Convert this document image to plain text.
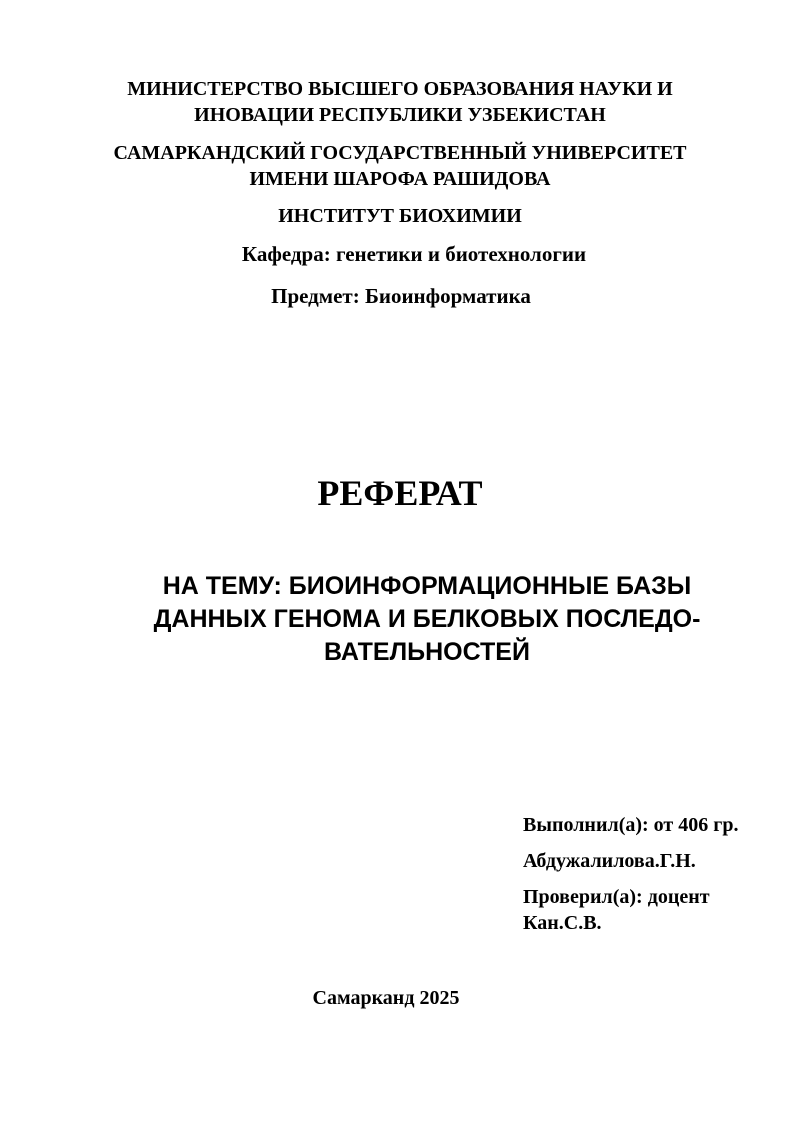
МИНИСТЕРСТВО ВЫСШЕГО ОБРАЗОВАНИЯ НАУКИ И
ИНОВАЦИИ РЕСПУБЛИКИ УЗБЕКИСТАН
САМАРКАНДСКИЙ ГОСУДАРСТВЕННЫЙ УНИВЕРСИТЕТ
ИМЕНИ ШАРОФА РАШИДОВА
ИНСТИТУТ БИОХИМИИ
Кафедра: генетики и биотехнологии
Предмет: Биоинформатика
РЕФЕРАТ
НА ТЕМУ: БИОИНФОРМАЦИОННЫЕ БАЗЫ
ДАННЫХ ГЕНОМА И БЕЛКОВЫХ ПОСЛЕДО-
ВАТЕЛЬНОСТЕЙ
Выполнил(а): от 406 гр.
Абдужалилова.Г.Н.
Проверил(а): доцент
Кан.С.В.
Самарканд 2025
